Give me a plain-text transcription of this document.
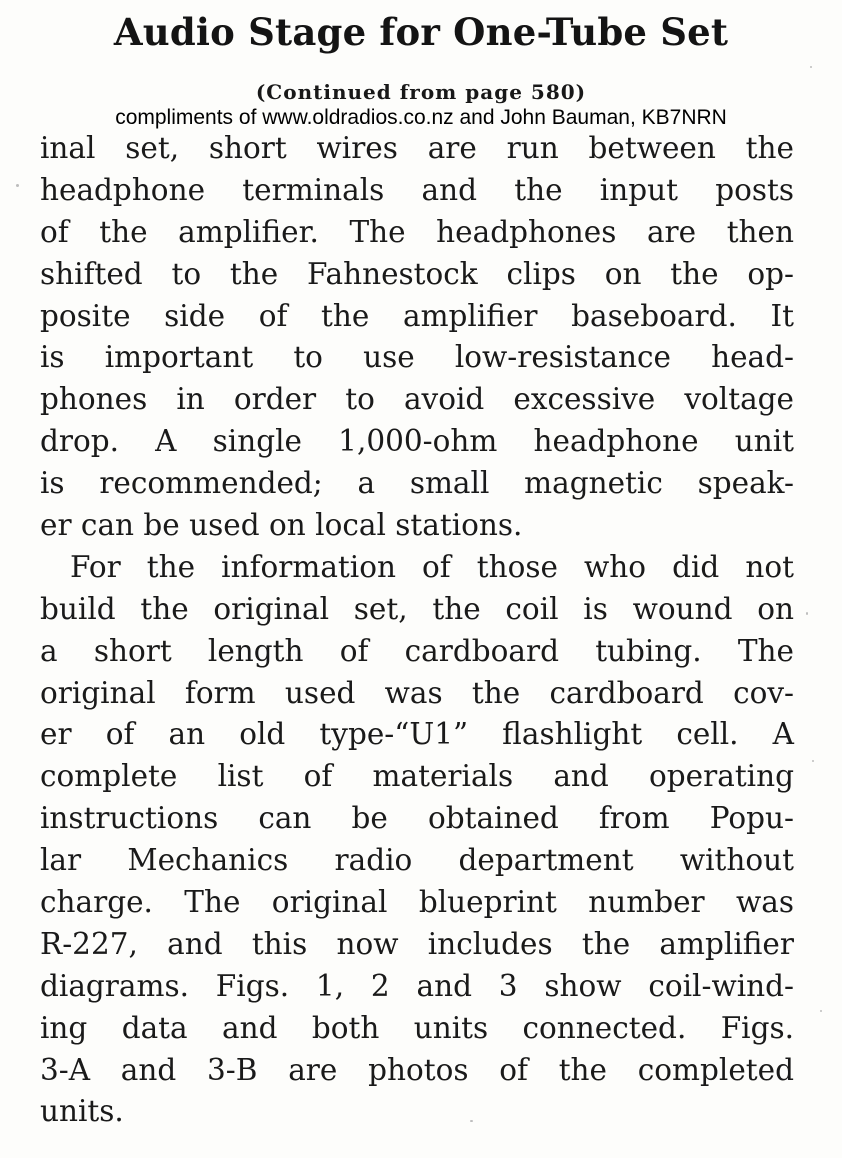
Audio Stage for One-Tube Set
(Continued from page 580)
compliments of www.oldradios.co.nz and John Bauman, KB7NRN
inal set, short wires are run between the
headphone terminals and the input posts
of the amplifier. The headphones are then
shifted to the Fahnestock clips on the op-
posite side of the amplifier baseboard. It
is important to use low-resistance head-
phones in order to avoid excessive voltage
drop. A single 1,000-ohm headphone unit
is recommended; a small magnetic speak-
er can be used on local stations.
For the information of those who did not
build the original set, the coil is wound on
a short length of cardboard tubing. The
original form used was the cardboard cov-
er of an old type-“U1” flashlight cell. A
complete list of materials and operating
instructions can be obtained from Popu-
lar Mechanics radio department without
charge. The original blueprint number was
R-227, and this now includes the amplifier
diagrams. Figs. 1, 2 and 3 show coil-wind-
ing data and both units connected. Figs.
3-A and 3-B are photos of the completed
units.
